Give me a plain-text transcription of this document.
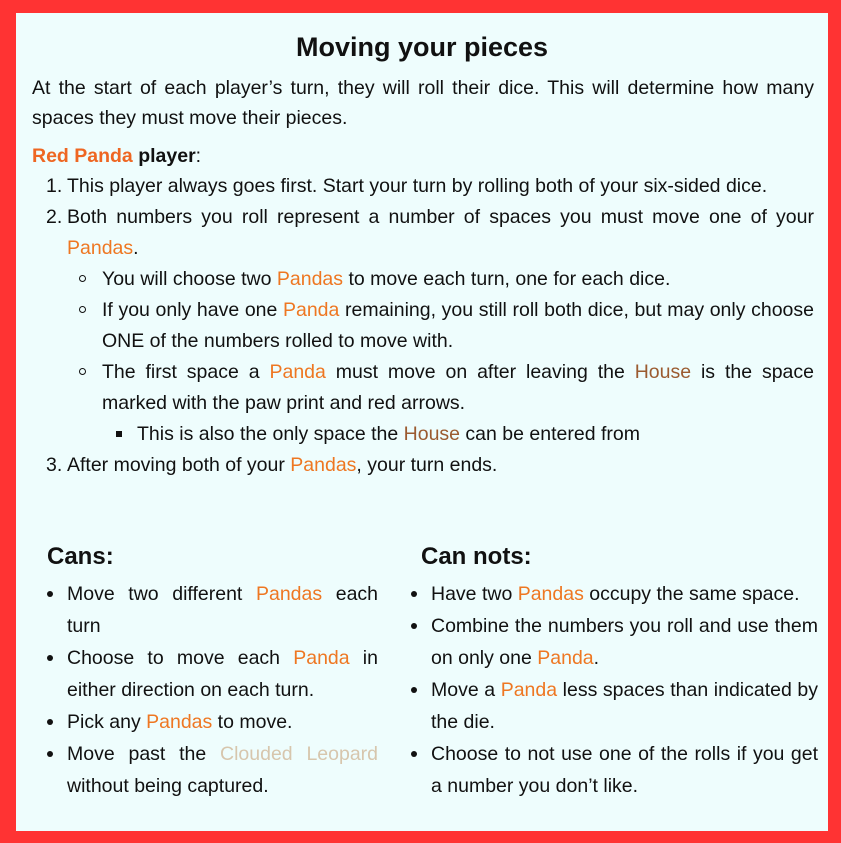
Moving your pieces
At the start of each player’s turn, they will roll their dice. This will determine how many spaces they must move their pieces.
Red Panda player:
1. This player always goes first. Start your turn by rolling both of your six-sided dice.
2. Both numbers you roll represent a number of spaces you must move one of your Pandas.
You will choose two Pandas to move each turn, one for each dice.
If you only have one Panda remaining, you still roll both dice, but may only choose ONE of the numbers rolled to move with.
The first space a Panda must move on after leaving the House is the space marked with the paw print and red arrows.
This is also the only space the House can be entered from
3. After moving both of your Pandas, your turn ends.
Cans:
Move two different Pandas each turn
Choose to move each Panda in either direction on each turn.
Pick any Pandas to move.
Move past the Clouded Leopard without being captured.
Can nots:
Have two Pandas occupy the same space.
Combine the numbers you roll and use them on only one Panda.
Move a Panda less spaces than indicated by the die.
Choose to not use one of the rolls if you get a number you don’t like.
